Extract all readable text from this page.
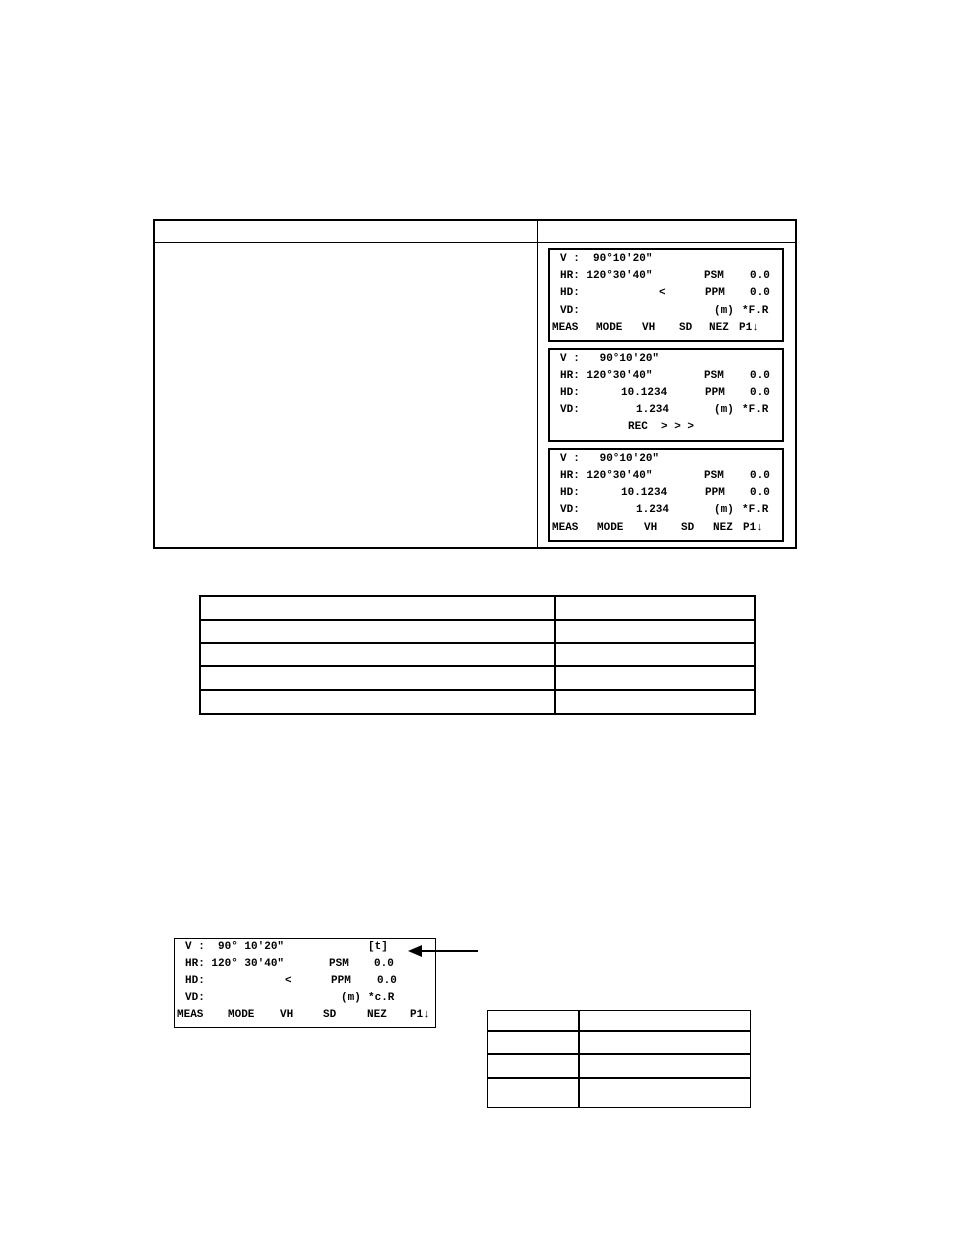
V :  90°10'20"
HR: 120°30'40"	PSM 0.0
HD:	<	PPM 0.0
VD:	(m) *F.R
MEAS MODE VH SD NEZ P1↓
V :   90°10'20"
HR: 120°30'40"	PSM 0.0
HD:	10.1234	PPM 0.0
VD:	1.234	(m) *F.R
REC  > > >
V :   90°10'20"
HR: 120°30'40"	PSM 0.0
HD:	10.1234	PPM 0.0
VD:	1.234	(m) *F.R
MEAS MODE VH SD NEZ P1↓
V :  90° 10'20"	[t]
HR: 120° 30'40"	PSM 0.0
HD:	<	PPM 0.0
VD:	(m) *c.R
MEAS MODE VH	SD	NEZ P1↓
